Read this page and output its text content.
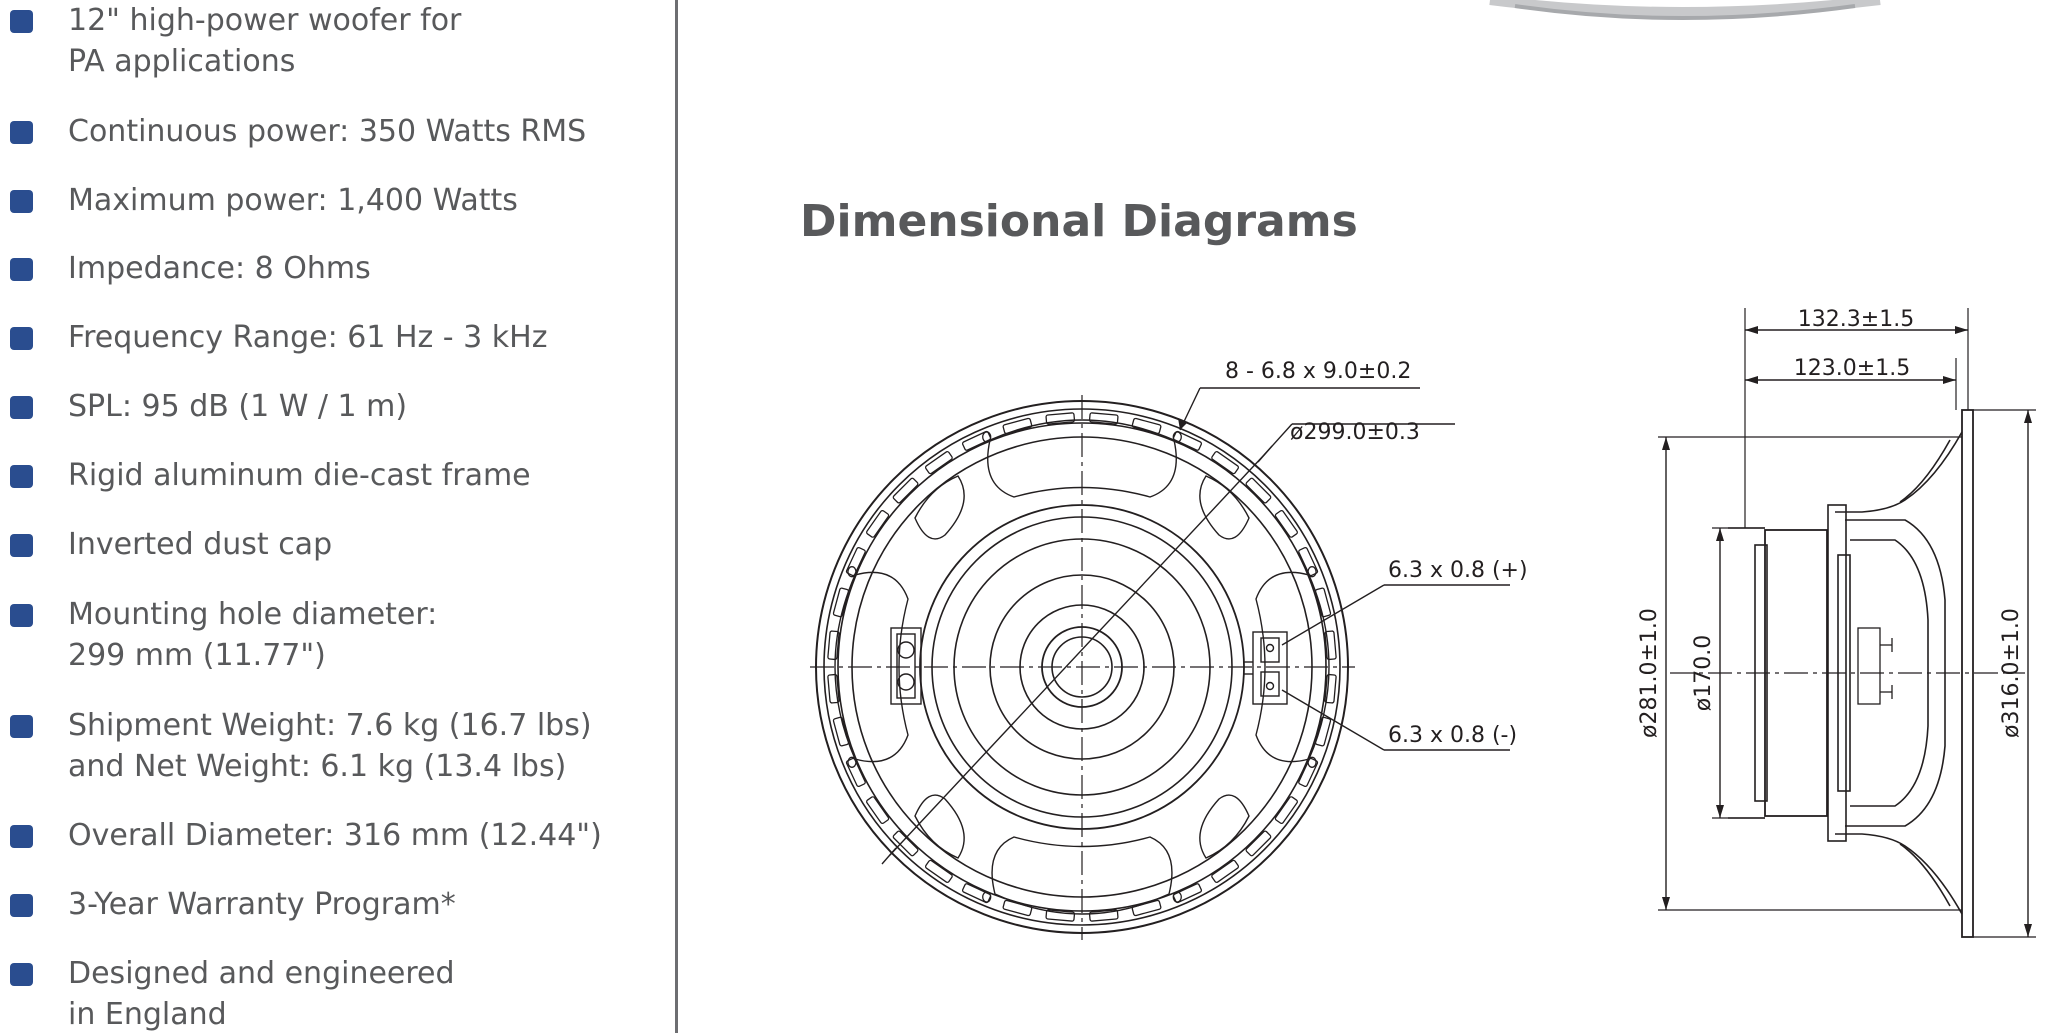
12" high-power woofer for
PA applications
Continuous power: 350 Watts RMS
Maximum power: 1,400 Watts
Impedance: 8 Ohms
Frequency Range: 61 Hz - 3 kHz
SPL: 95 dB (1 W / 1 m)
Rigid aluminum die-cast frame
Inverted dust cap
Mounting hole diameter:
299 mm (11.77")
Shipment Weight: 7.6 kg (16.7 lbs)
and Net Weight: 6.1 kg (13.4 lbs)
Overall Diameter: 316 mm (12.44")
3-Year Warranty Program*
Designed and engineered
in England
Dimensional Diagrams
8 - 6.8 x 9.0±0.2
ø299.0±0.3
6.3 x 0.8 (+)
6.3 x 0.8 (-)
132.3±1.5
123.0±1.5
ø281.0±1.0 ø170.0	ø316.0±1.0
